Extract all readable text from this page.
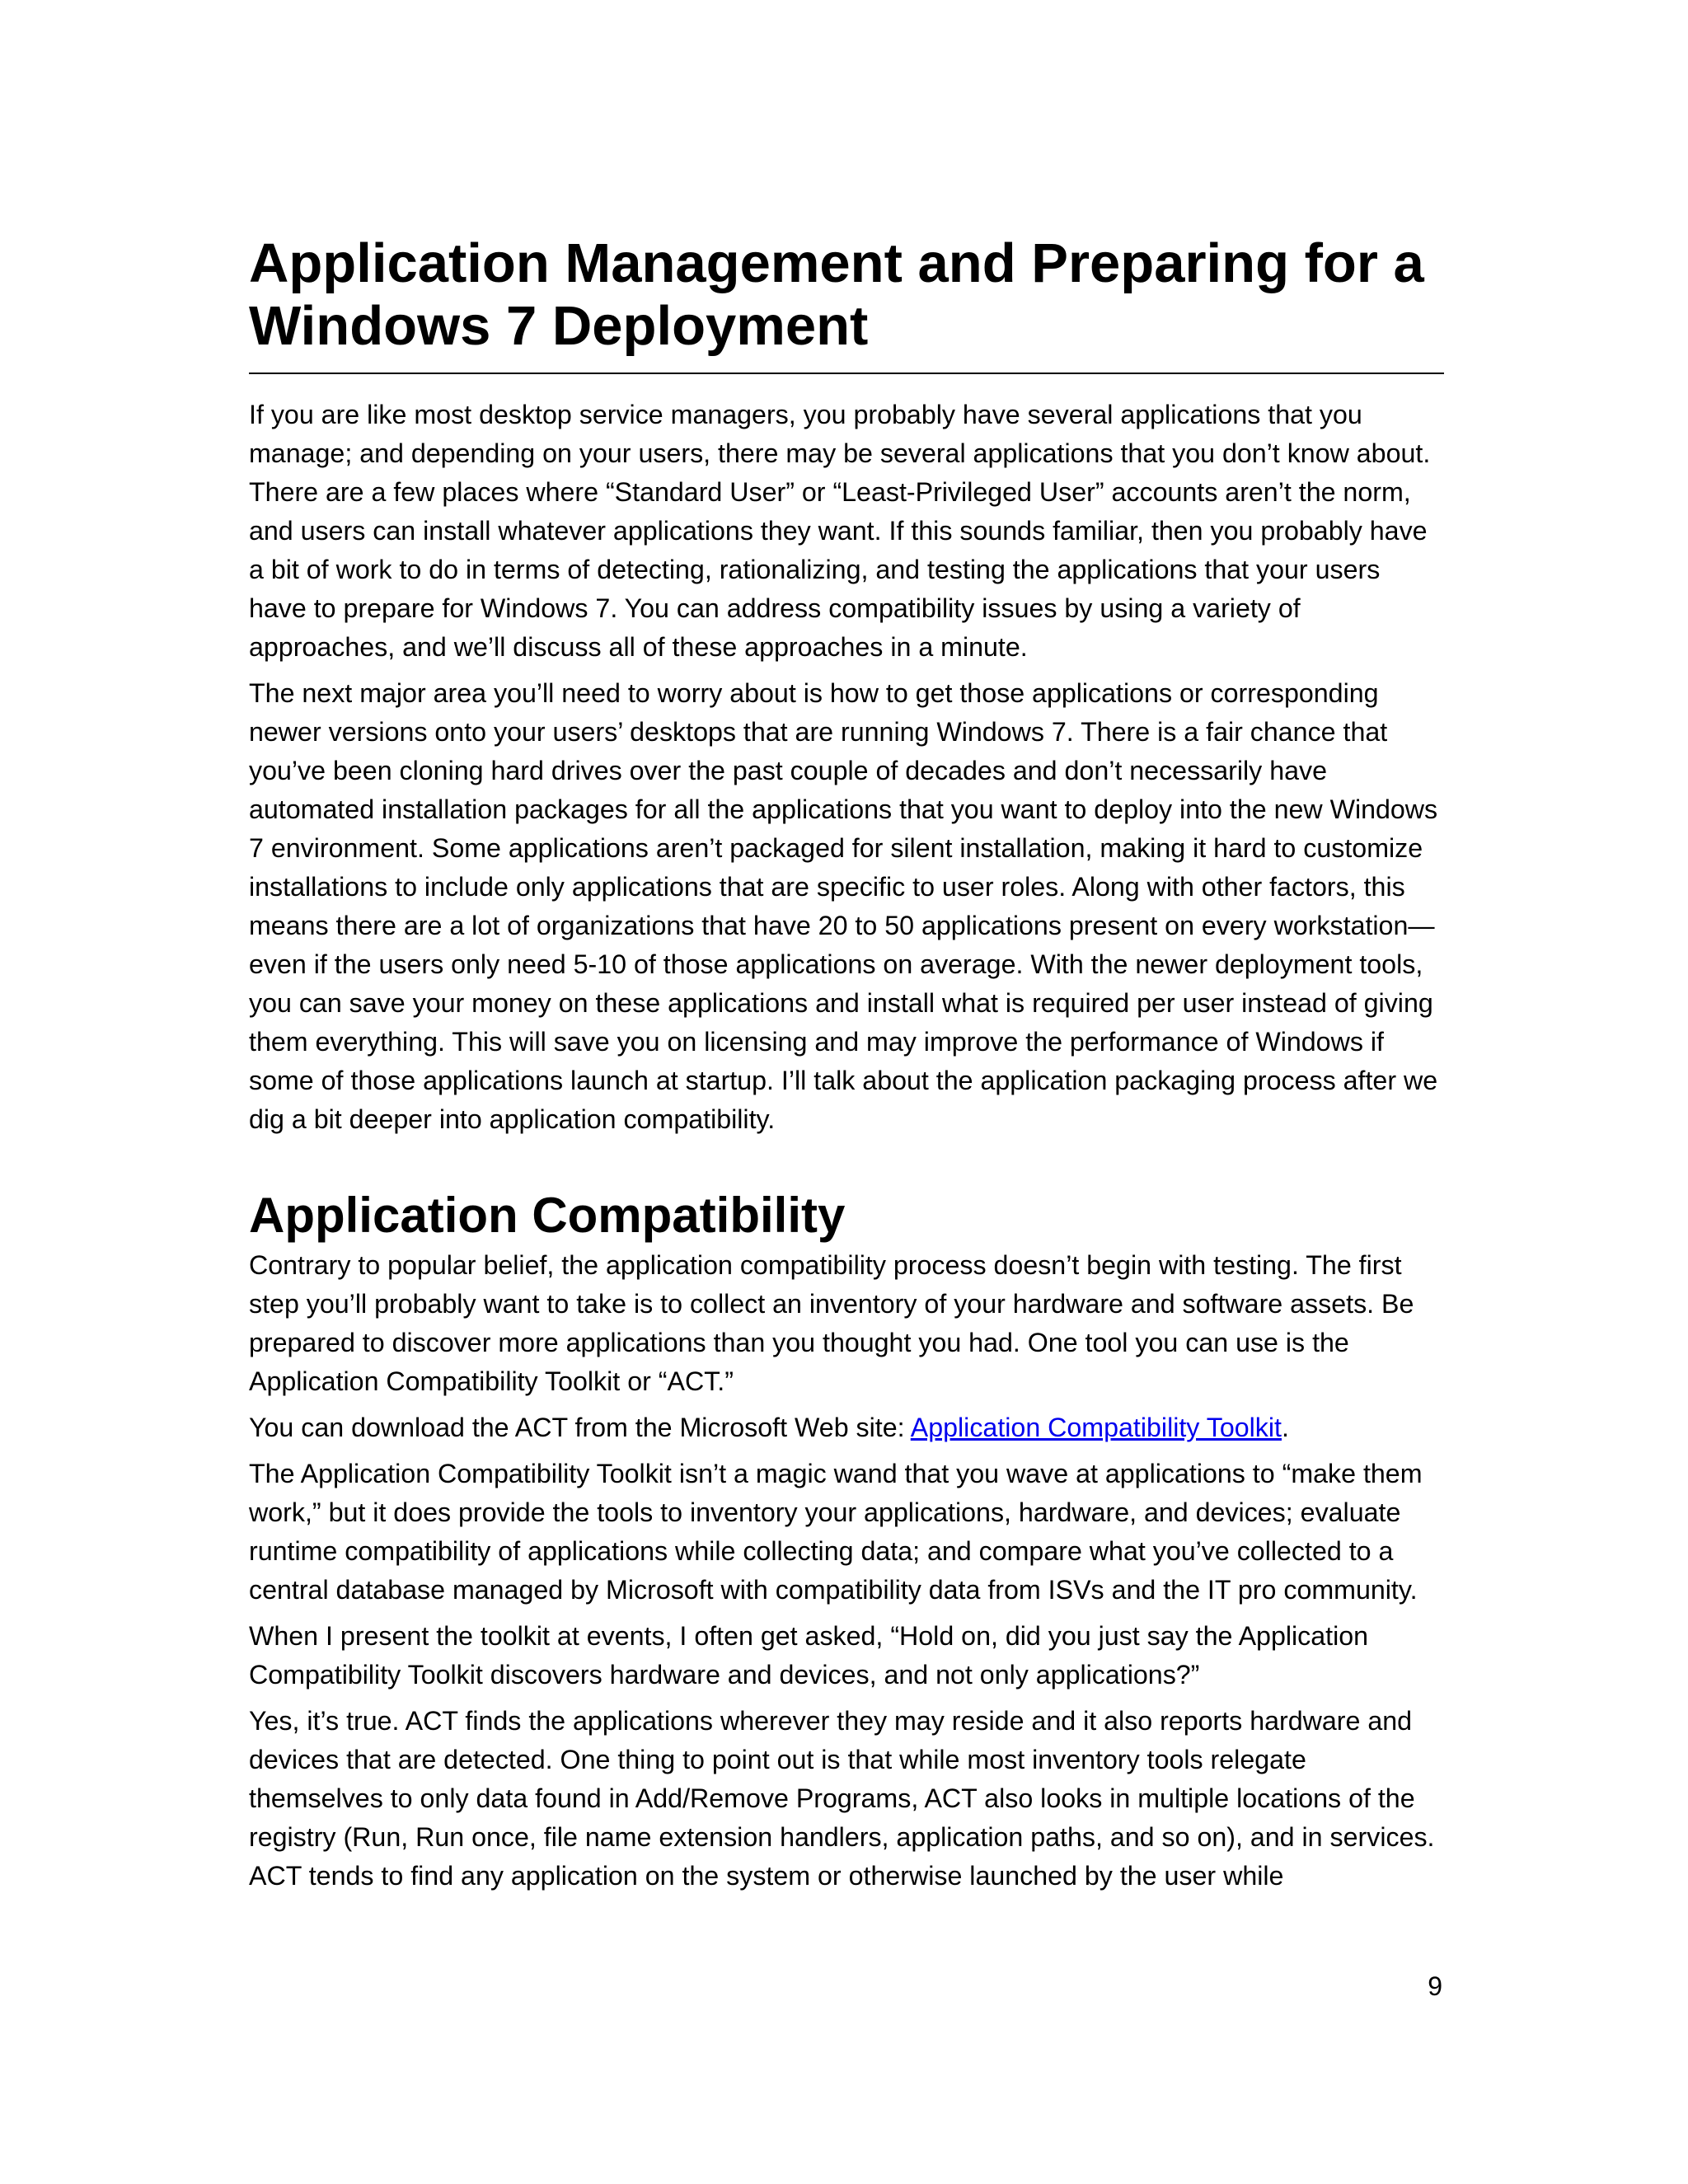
Application Management and Preparing for a Windows 7 Deployment

If you are like most desktop service managers, you probably have several applications that you manage; and depending on your users, there may be several applications that you don’t know about. There are a few places where “Standard User” or “Least-Privileged User” accounts aren’t the norm, and users can install whatever applications they want. If this sounds familiar, then you probably have a bit of work to do in terms of detecting, rationalizing, and testing the applications that your users have to prepare for Windows 7. You can address compatibility issues by using a variety of approaches, and we’ll discuss all of these approaches in a minute.

The next major area you’ll need to worry about is how to get those applications or corresponding newer versions onto your users’ desktops that are running Windows 7. There is a fair chance that you’ve been cloning hard drives over the past couple of decades and don’t necessarily have automated installation packages for all the applications that you want to deploy into the new Windows 7 environment. Some applications aren’t packaged for silent installation, making it hard to customize installations to include only applications that are specific to user roles. Along with other factors, this means there are a lot of organizations that have 20 to 50 applications present on every workstation—even if the users only need 5-10 of those applications on average. With the newer deployment tools, you can save your money on these applications and install what is required per user instead of giving them everything. This will save you on licensing and may improve the performance of Windows if some of those applications launch at startup. I’ll talk about the application packaging process after we dig a bit deeper into application compatibility.

Application Compatibility

Contrary to popular belief, the application compatibility process doesn’t begin with testing. The first step you’ll probably want to take is to collect an inventory of your hardware and software assets. Be prepared to discover more applications than you thought you had. One tool you can use is the Application Compatibility Toolkit or “ACT.”

You can download the ACT from the Microsoft Web site: Application Compatibility Toolkit.

The Application Compatibility Toolkit isn’t a magic wand that you wave at applications to “make them work,” but it does provide the tools to inventory your applications, hardware, and devices; evaluate runtime compatibility of applications while collecting data; and compare what you’ve collected to a central database managed by Microsoft with compatibility data from ISVs and the IT pro community.

When I present the toolkit at events, I often get asked, “Hold on, did you just say the Application Compatibility Toolkit discovers hardware and devices, and not only applications?”

Yes, it’s true. ACT finds the applications wherever they may reside and it also reports hardware and devices that are detected. One thing to point out is that while most inventory tools relegate themselves to only data found in Add/Remove Programs, ACT also looks in multiple locations of the registry (Run, Run once, file name extension handlers, application paths, and so on), and in services. ACT tends to find any application on the system or otherwise launched by the user while

9
